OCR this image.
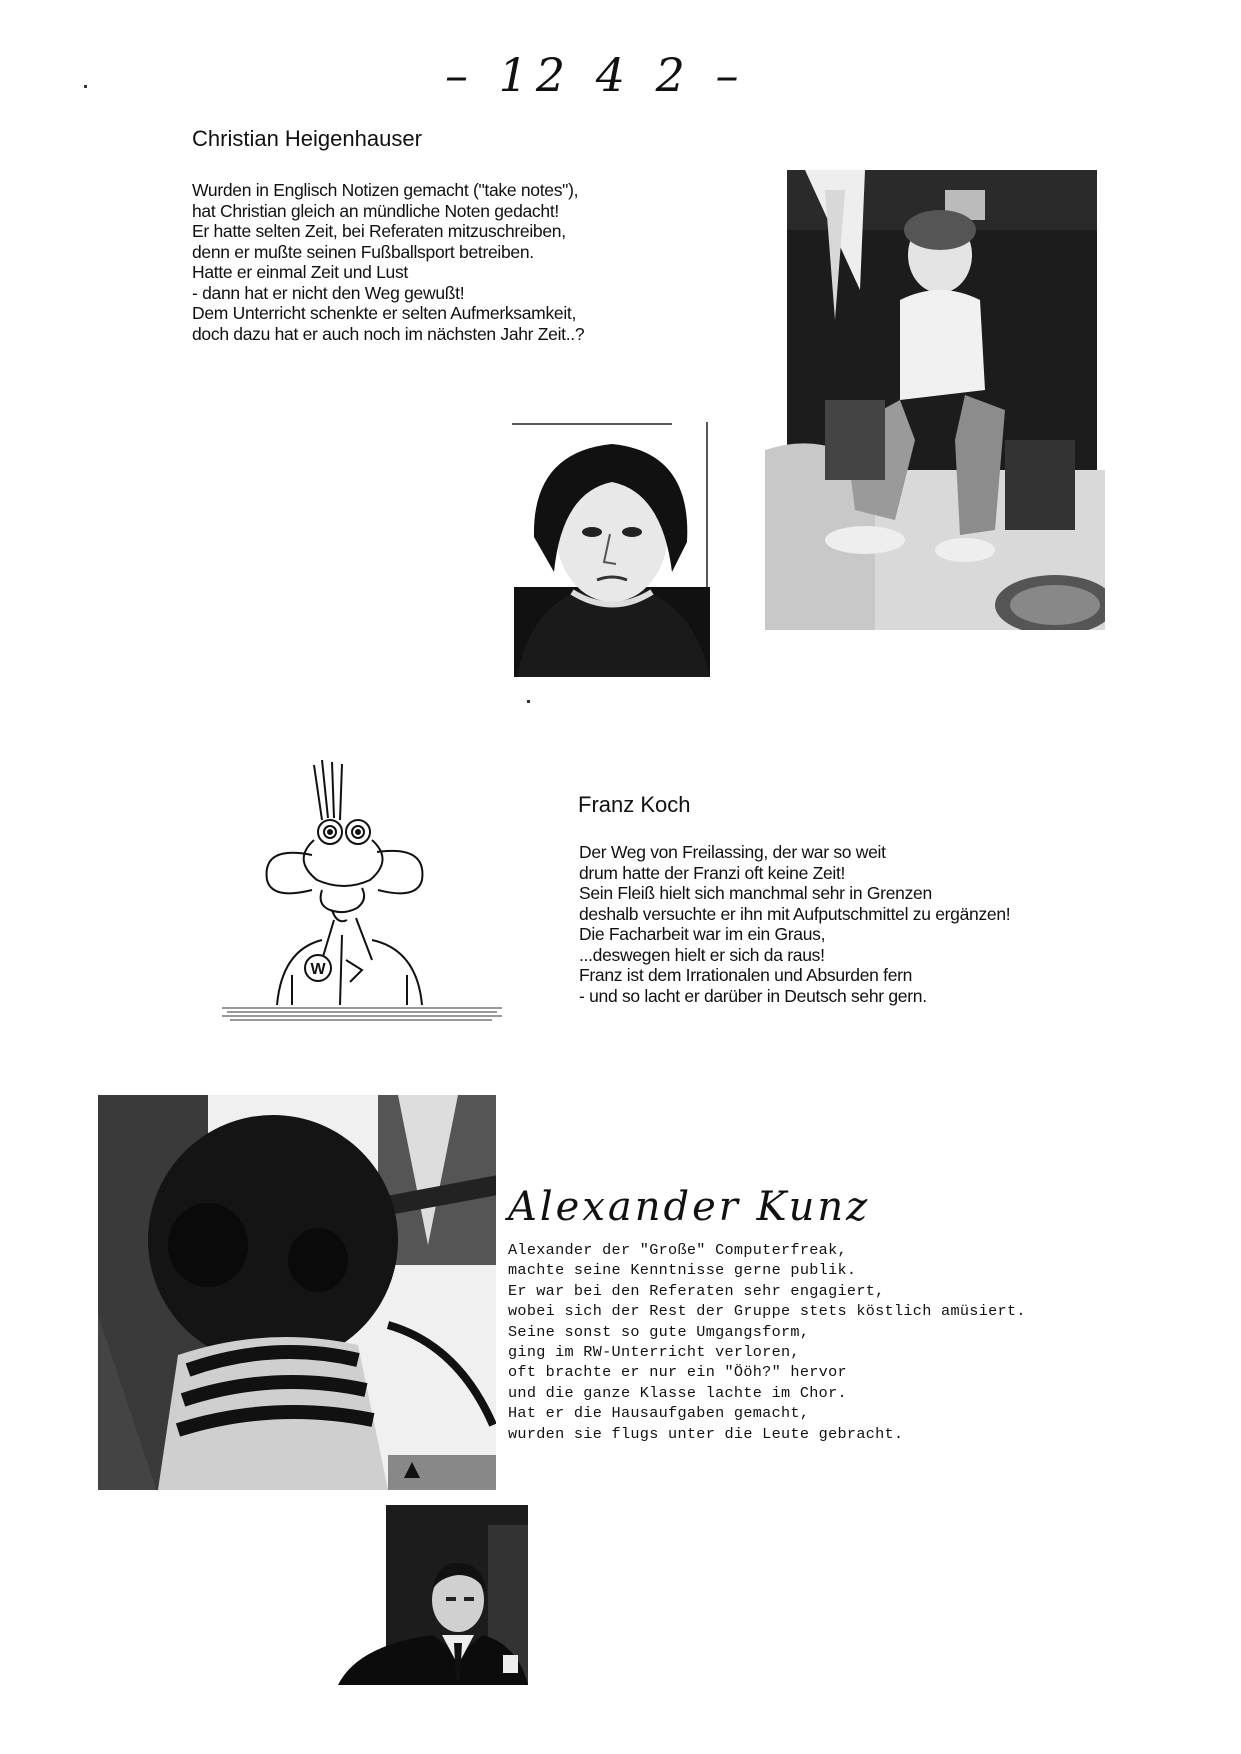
– 12 4 2 –
Christian Heigenhauser
Wurden in Englisch Notizen gemacht ("take notes"),
hat Christian gleich an mündliche Noten gedacht!
Er hatte selten Zeit, bei Referaten mitzuschreiben,
denn er mußte seinen Fußballsport betreiben.
Hatte er einmal Zeit und Lust
- dann hat er nicht den Weg gewußt!
Dem Unterricht schenkte er selten Aufmerksamkeit,
doch dazu hat er auch noch im nächsten Jahr Zeit..?
W
Franz Koch
Der Weg von Freilassing, der war so weit
drum hatte der Franzi oft keine Zeit!
Sein Fleiß hielt sich manchmal sehr in Grenzen
deshalb versuchte er ihn mit Aufputschmittel zu ergänzen!
Die Facharbeit war im ein Graus,
...deswegen hielt er sich da raus!
Franz ist dem Irrationalen und Absurden fern
- und so lacht er darüber in Deutsch sehr gern.
Alexander Kunz
Alexander der "Große" Computerfreak,
machte seine Kenntnisse gerne publik.
Er war bei den Referaten sehr engagiert,
wobei sich der Rest der Gruppe stets köstlich amüsiert.
Seine sonst so gute Umgangsform,
ging im RW-Unterricht verloren,
oft brachte er nur ein "Ööh?" hervor
und die ganze Klasse lachte im Chor.
Hat er die Hausaufgaben gemacht,
wurden sie flugs unter die Leute gebracht.
